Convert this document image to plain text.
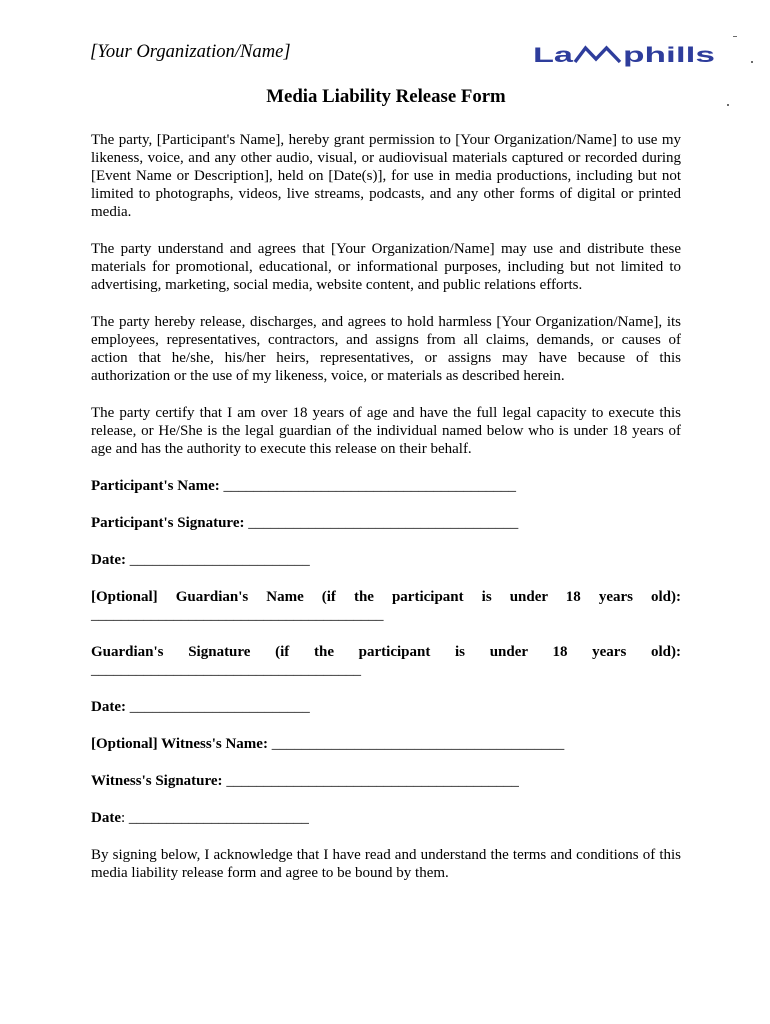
[Your Organization/Name]	La phills
Media Liability Release Form

The party, [Participant's Name], hereby grant permission to [Your Organization/Name] to use my
likeness, voice, and any other audio, visual, or audiovisual materials captured or recorded during
[Event Name or Description], held on [Date(s)], for use in media productions, including but not
limited to photographs, videos, live streams, podcasts, and any other forms of digital or printed
media.

The party understand and agrees that [Your Organization/Name] may use and distribute these
materials for promotional, educational, or informational purposes, including but not limited to
advertising, marketing, social media, website content, and public relations efforts.

The party hereby release, discharges, and agrees to hold harmless [Your Organization/Name], its
employees, representatives, contractors, and assigns from all claims, demands, or causes of
action that he/she, his/her heirs, representatives, or assigns may have because of this
authorization or the use of my likeness, voice, or materials as described herein.

The party certify that I am over 18 years of age and have the full legal capacity to execute this
release, or He/She is the legal guardian of the individual named below who is under 18 years of
age and has the authority to execute this release on their behalf.

Participant's Name: _______________________________________
Participant's Signature: ____________________________________
Date: ________________________
[Optional] Guardian's Name (if the participant is under 18 years old):
_______________________________________
Guardian's Signature (if the participant is under 18 years old):
____________________________________
Date: ________________________
[Optional] Witness's Name: _______________________________________
Witness's Signature: _______________________________________
Date: ________________________

By signing below, I acknowledge that I have read and understand the terms and conditions of this
media liability release form and agree to be bound by them.
